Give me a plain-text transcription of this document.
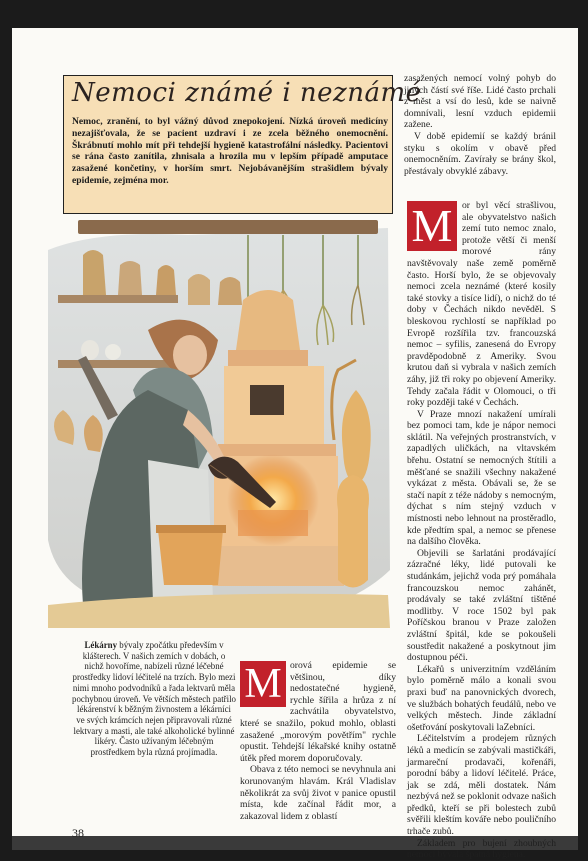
Nemoci známé i neznámé
Nemoc, zranění, to byl vážný důvod znepokojení. Nízká úroveň medicíny nezajišťovala, že se pacient uzdraví i ze zcela běžného onemocnění. Škrábnutí mohlo mít při tehdejší hygieně katastrofální následky. Pacientovi se rána často zanítila, zhnisala a hrozila mu v lepším případě amputace zasažené končetiny, v horším smrt. Nejobávanějším strašidlem bývaly epidemie, zejména mor.

zasažených nemocí volný pohyb do jiných částí své říše. Lidé často prchali z měst a vsí do lesů, kde se naivně domnívali, lesní vzduch epidemii zažene.

V době epidemií se každý bránil styku s okolím v obavě před onemocněním. Zavírały se brány škol, přestávaly obvyklé zábavy.

M or byl věcí strašlivou, ale obyvatelstvo našich zemí tuto nemoc znalo, protože větší či menší morové rány navštěvovaly naše země poměrně často. Horší bylo, že se objevovaly nemoci zcela neznámé (které kosily také stovky a tisíce lidí), o nichž do té doby v Čechách nikdo nevěděl. S bleskovou rychlostí se například po Evropě rozšířila tzv. francouzská nemoc – syfilis, zanesená do Evropy pravděpodobně z Ameriky. Svou krutou daň si vybrala v našich zemích záhy, již tři roky po objevení Ameriky. Tehdy začala řádit v Olomouci, o tři roky později také v Čechách.

V Praze mnozí nakažení umírali bez pomoci tam, kde je nápor nemoci sklátil. Na veřejných prostranstvích, v zapadlých uličkách, na vltavském břehu. Ostatní se nemocných štítili a měšťané se snažili všechny nakažené vykázat z města. Obávali se, že se stačí napít z téže nádoby s nemocným, dýchat s ním stejný vzduch v místnosti nebo lehnout na prostěradlo, kde předtím spal, a nemoc se přenese na dalšího člověka.

Objevili se šarlatáni prodávající zázračné léky, lidé putovali ke studánkám, jejichž voda prý pomáhala francouzskou nemoc zahánět, prodávaly se také zvláštní tištěné modlitby. V roce 1502 byl pak Poříčskou branou v Praze založen zvláštní špitál, kde se pokoušeli soustředit nakažené a poskytnout jim dostupnou péči.

Lékařů s univerzitním vzděláním bylo poměrně málo a konali svou praxi buď na panovnických dvorech, ve službách bohatých feudálů, nebo ve velkých městech. Jinde základní ošetřování poskytovali laZebníci.

Léčitelstvím a prodejem různých léků a medicín se zabývali mastičkáři, jarmareční prodavači, kořenáři, porodní báby a lidoví léčitelé. Práce, jak se zdá, měli dostatek. Nám nezbývá než se poklonit odvaze našich předků, kteří se při bolestech zubů svěřili kleštím kováře nebo pouličního trhače zubů.

Základem pro bujení zhoubných nemocí bývala špatná hygiena.

Lékárny bývaly zpočátku především v klášterech. V našich zemích v dobách, o nichž hovoříme, nabízeli různé léčebné prostředky lidoví léčitelé na trzích. Bylo mezi nimi mnoho podvodníků a řada lektvarů měla pochybnou úroveň. Ve větších městech patřilo lékárenství k běžným živnostem a lékárníci ve svých krámcích nejen připravovali různé lektvary a masti, ale také alkoholické bylinné likéry. Často užívaným léčebným prostředkem byla různá projímadla.
M orová epidemie se většinou, díky nedostatečné hygieně, rychle šířila a hrůza z ní zachvátila obyvatelstvo, které se snažilo, pokud mohlo, oblasti zasažené „morovým povětřím" rychle opustit. Tehdejší lékařské knihy ostatně útěk před morem doporučovaly.

Obava z této nemoci se nevyhnula ani korunovaným hlavám. Král Vladislav několikrát za svůj život v panice opustil místa, kde začínal řádit mor, a zakazoval lidem z oblastí

38
